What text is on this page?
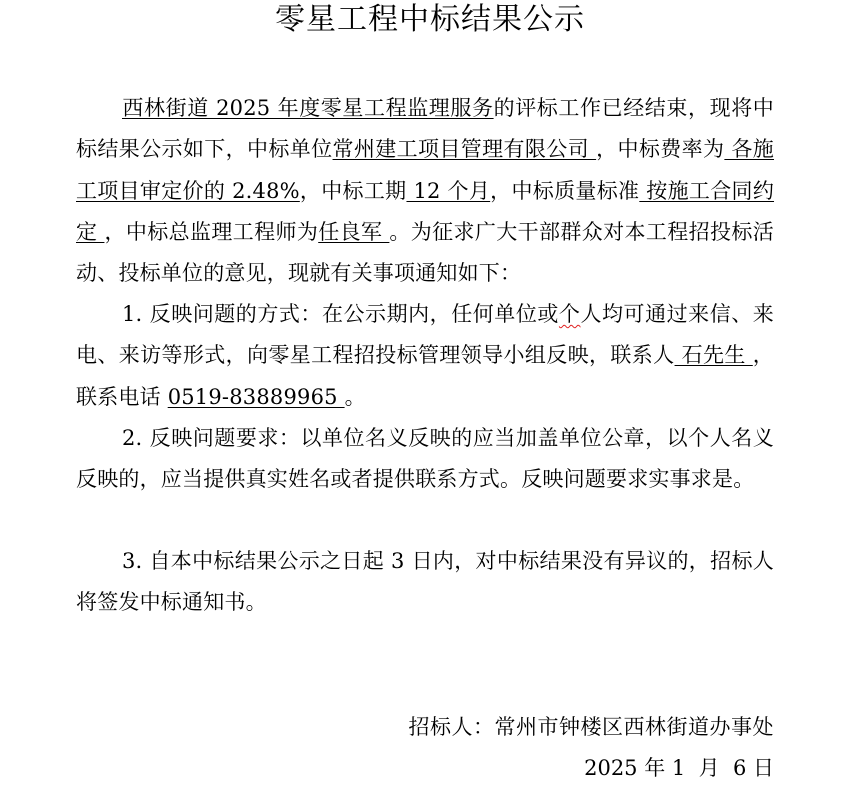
零星工程中标结果公示
西林街道 2025 年度零星工程监理服务的评标工作已经结束，现将中标结果公示如下，中标单位常州建工项目管理有限公司 ，中标费率为 各施工项目审定价的 2.48%，中标工期 12 个月，中标质量标准 按施工合同约定 ，中标总监理工程师为任良军 。为征求广大干部群众对本工程招投标活动、投标单位的意见，现就有关事项通知如下：
1. 反映问题的方式：在公示期内，任何单位或个人均可通过来信、来电、来访等形式，向零星工程招投标管理领导小组反映，联系人 石先生 ，联系电话 0519-83889965 。
2. 反映问题要求：以单位名义反映的应当加盖单位公章，以个人名义反映的，应当提供真实姓名或者提供联系方式。反映问题要求实事求是。
3. 自本中标结果公示之日起 3 日内，对中标结果没有异议的，招标人将签发中标通知书。
招标人：常州市钟楼区西林街道办事处
2025 年 1  月  6 日
